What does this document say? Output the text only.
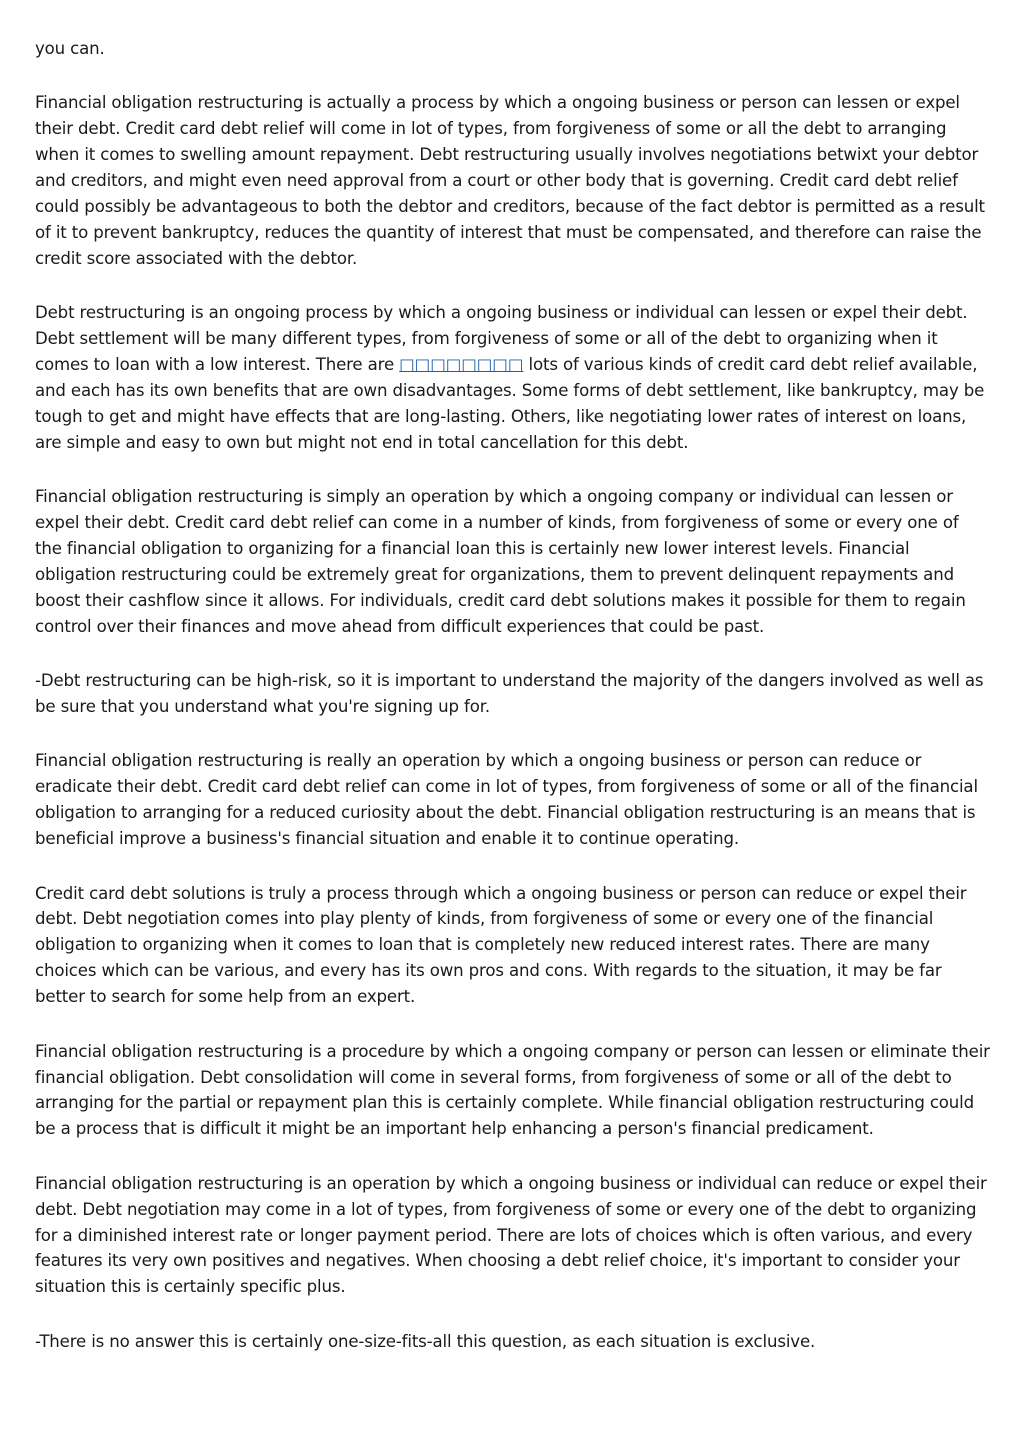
you can.

Financial obligation restructuring is actually a process by which a ongoing business or person can lessen or expel their debt. Credit card debt relief will come in lot of types, from forgiveness of some or all the debt to arranging when it comes to swelling amount repayment. Debt restructuring usually involves negotiations betwixt your debtor and creditors, and might even need approval from a court or other body that is governing. Credit card debt relief could possibly be advantageous to both the debtor and creditors, because of the fact debtor is permitted as a result of it to prevent bankruptcy, reduces the quantity of interest that must be compensated, and therefore can raise the credit score associated with the debtor.

Debt restructuring is an ongoing process by which a ongoing business or individual can lessen or expel their debt. Debt settlement will be many different types, from forgiveness of some or all of the debt to organizing when it comes to loan with a low interest. There are □□□□□□□□ lots of various kinds of credit card debt relief available, and each has its own benefits that are own disadvantages. Some forms of debt settlement, like bankruptcy, may be tough to get and might have effects that are long-lasting. Others, like negotiating lower rates of interest on loans, are simple and easy to own but might not end in total cancellation for this debt.

Financial obligation restructuring is simply an operation by which a ongoing company or individual can lessen or expel their debt. Credit card debt relief can come in a number of kinds, from forgiveness of some or every one of the financial obligation to organizing for a financial loan this is certainly new lower interest levels. Financial obligation restructuring could be extremely great for organizations, them to prevent delinquent repayments and boost their cashflow since it allows. For individuals, credit card debt solutions makes it possible for them to regain control over their finances and move ahead from difficult experiences that could be past.

-Debt restructuring can be high-risk, so it is important to understand the majority of the dangers involved as well as be sure that you understand what you're signing up for.

Financial obligation restructuring is really an operation by which a ongoing business or person can reduce or eradicate their debt. Credit card debt relief can come in lot of types, from forgiveness of some or all of the financial obligation to arranging for a reduced curiosity about the debt. Financial obligation restructuring is an means that is beneficial improve a business's financial situation and enable it to continue operating.

Credit card debt solutions is truly a process through which a ongoing business or person can reduce or expel their debt. Debt negotiation comes into play plenty of kinds, from forgiveness of some or every one of the financial obligation to organizing when it comes to loan that is completely new reduced interest rates. There are many choices which can be various, and every has its own pros and cons. With regards to the situation, it may be far better to search for some help from an expert.

Financial obligation restructuring is a procedure by which a ongoing company or person can lessen or eliminate their financial obligation. Debt consolidation will come in several forms, from forgiveness of some or all of the debt to arranging for the partial or repayment plan this is certainly complete. While financial obligation restructuring could be a process that is difficult it might be an important help enhancing a person's financial predicament.

Financial obligation restructuring is an operation by which a ongoing business or individual can reduce or expel their debt. Debt negotiation may come in a lot of types, from forgiveness of some or every one of the debt to organizing for a diminished interest rate or longer payment period. There are lots of choices which is often various, and every features its very own positives and negatives. When choosing a debt relief choice, it's important to consider your situation this is certainly specific plus.

-There is no answer this is certainly one-size-fits-all this question, as each situation is exclusive.
